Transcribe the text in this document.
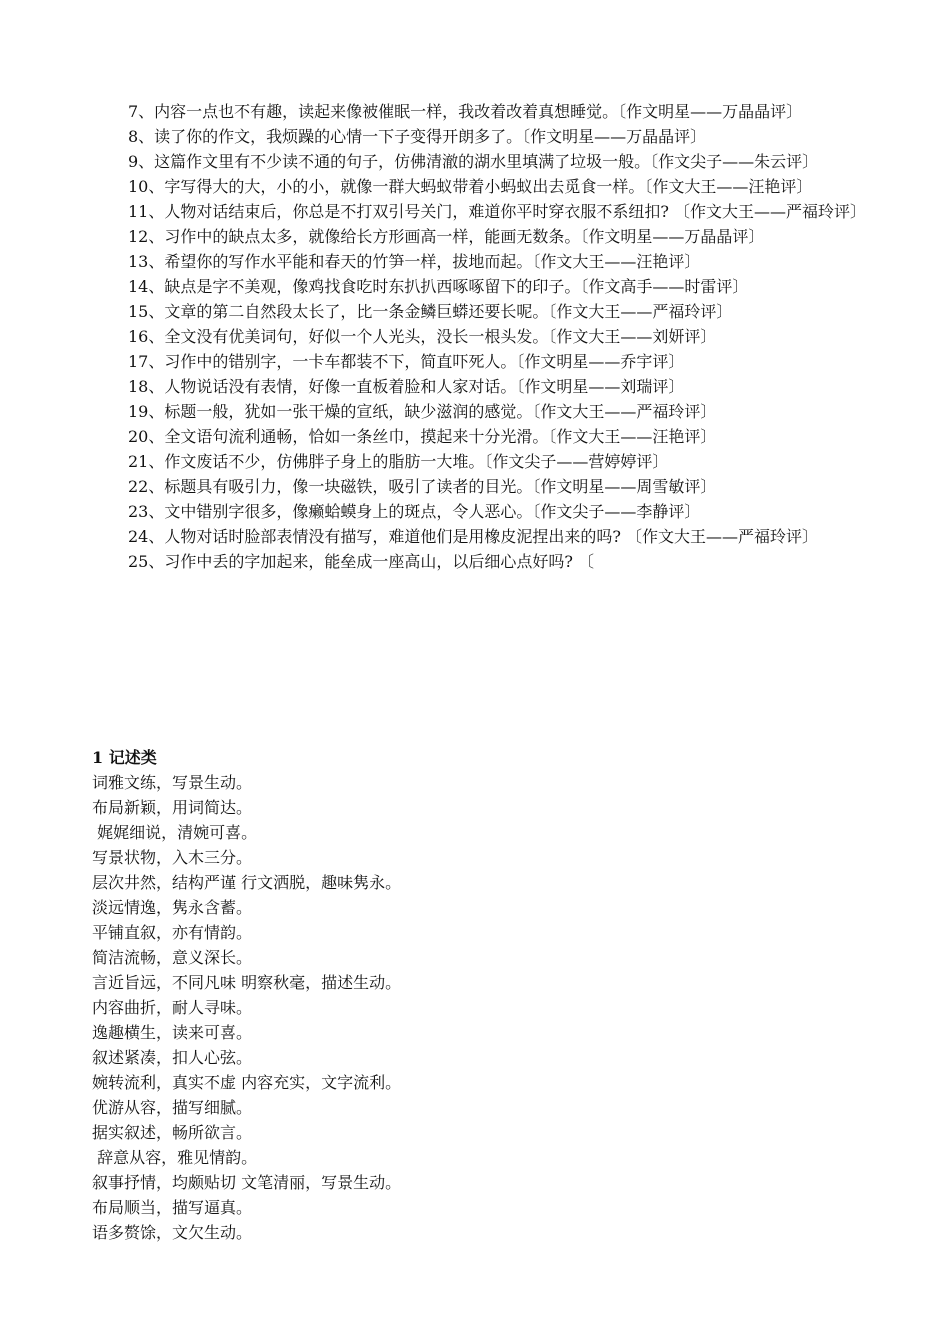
7、内容一点也不有趣，读起来像被催眠一样，我改着改着真想睡觉。〔作文明星——万晶晶评〕

8、读了你的作文，我烦躁的心情一下子变得开朗多了。〔作文明星——万晶晶评〕

9、这篇作文里有不少读不通的句子，仿佛清澈的湖水里填满了垃圾一般。〔作文尖子——朱云评〕

10、字写得大的大，小的小，就像一群大蚂蚁带着小蚂蚁出去觅食一样。〔作文大王——汪艳评〕

11、人物对话结束后，你总是不打双引号关门，难道你平时穿衣服不系纽扣? 〔作文大王——严福玲评〕

12、习作中的缺点太多，就像给长方形画高一样，能画无数条。〔作文明星——万晶晶评〕

13、希望你的写作水平能和春天的竹笋一样，拔地而起。〔作文大王——汪艳评〕

14、缺点是字不美观，像鸡找食吃时东扒扒西啄啄留下的印子。〔作文高手——时雷评〕

15、文章的第二自然段太长了，比一条金鳞巨蟒还要长呢。〔作文大王——严福玲评〕

16、全文没有优美词句，好似一个人光头，没长一根头发。〔作文大王——刘妍评〕

17、习作中的错别字，一卡车都装不下，简直吓死人。〔作文明星——乔宇评〕

18、人物说话没有表情，好像一直板着脸和人家对话。〔作文明星——刘瑞评〕

19、标题一般，犹如一张干燥的宣纸，缺少滋润的感觉。〔作文大王——严福玲评〕

20、全文语句流利通畅，恰如一条丝巾，摸起来十分光滑。〔作文大王——汪艳评〕

21、作文废话不少，仿佛胖子身上的脂肪一大堆。〔作文尖子——营婷婷评〕

22、标题具有吸引力，像一块磁铁，吸引了读者的目光。〔作文明星——周雪敏评〕

23、文中错别字很多，像癞蛤蟆身上的斑点，令人恶心。〔作文尖子——李静评〕

24、人物对话时脸部表情没有描写，难道他们是用橡皮泥捏出来的吗? 〔作文大王——严福玲评〕

25、习作中丢的字加起来，能垒成一座高山，以后细心点好吗? 〔

1 记述类

词雅文练，写景生动。

布局新颖，用词简达。

娓娓细说，清婉可喜。

写景状物，入木三分。

层次井然，结构严谨 行文洒脱，趣味隽永。

淡远情逸，隽永含蓄。

平铺直叙，亦有情韵。

简洁流畅，意义深长。

言近旨远，不同凡味 明察秋毫，描述生动。

内容曲折，耐人寻味。

逸趣横生，读来可喜。

叙述紧凑，扣人心弦。

婉转流利，真实不虚 内容充实，文字流利。

优游从容，描写细腻。

据实叙述，畅所欲言。

辞意从容，雅见情韵。

叙事抒情，均颇贴切 文笔清丽，写景生动。

布局顺当，描写逼真。

语多赘馀，文欠生动。
